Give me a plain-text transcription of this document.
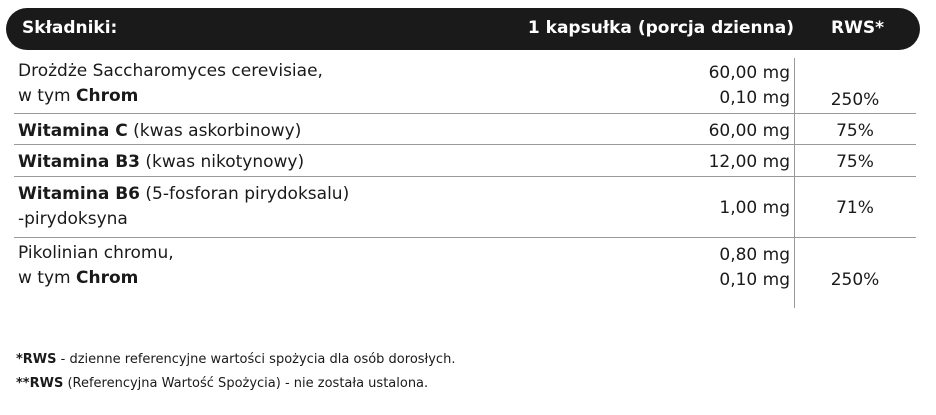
Składniki:	1 kapsułka (porcja dzienna) RWS*
Drożdże Saccharomyces cerevisiae,
w tym Chrom
60,00 mg
0,10 mg	250%
Witamina C (kwas askorbinowy)	60,00 mg	75%
Witamina B3 (kwas nikotynowy)	12,00 mg	75%
Witamina B6 (5-fosforan pirydoksalu)
-pirydoksyna
1,00 mg	71%
Pikolinian chromu,
w tym Chrom
0,80 mg
0,10 mg	250%
*RWS - dzienne referencyjne wartości spożycia dla osób dorosłych.
**RWS (Referencyjna Wartość Spożycia) - nie została ustalona.
